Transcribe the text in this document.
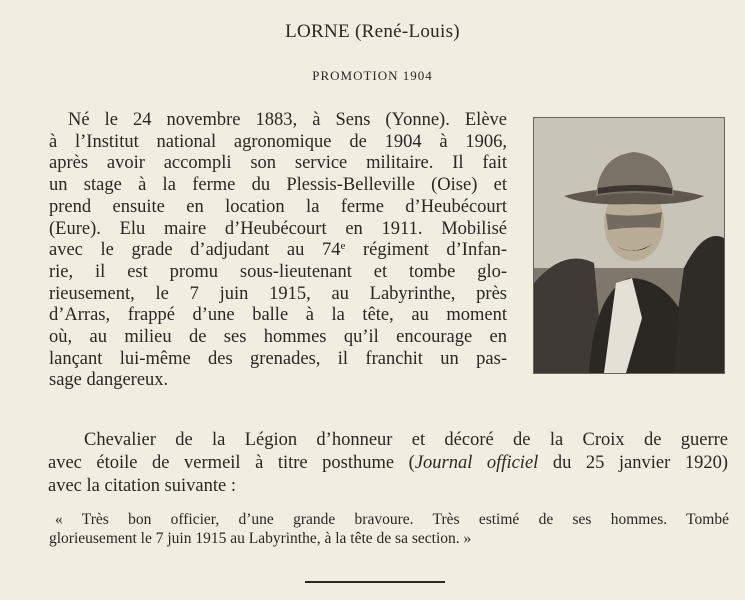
LORNE (René-Louis)
PROMOTION 1904
Né le 24 novembre 1883, à Sens (Yonne). Elève
à l’Institut national agronomique de 1904 à 1906,
après avoir accompli son service militaire. Il fait
un stage à la ferme du Plessis-Belleville (Oise) et
prend ensuite en location la ferme d’Heubécourt
(Eure). Elu maire d’Heubécourt en 1911. Mobilisé
avec le grade d’adjudant au 74e régiment d’Infan-
rie, il est promu sous-lieutenant et tombe glo-
rieusement, le 7 juin 1915, au Labyrinthe, près
d’Arras, frappé d’une balle à la tête, au moment
où, au milieu de ses hommes qu’il encourage en
lançant lui-même des grenades, il franchit un pas-
sage dangereux.
Chevalier de la Légion d’honneur et décoré de la Croix de guerre
avec étoile de vermeil à titre posthume (Journal officiel du 25 janvier 1920)
avec la citation suivante :
« Très bon officier, d’une grande bravoure. Très estimé de ses hommes. Tombé
glorieusement le 7 juin 1915 au Labyrinthe, à la tête de sa section. »
